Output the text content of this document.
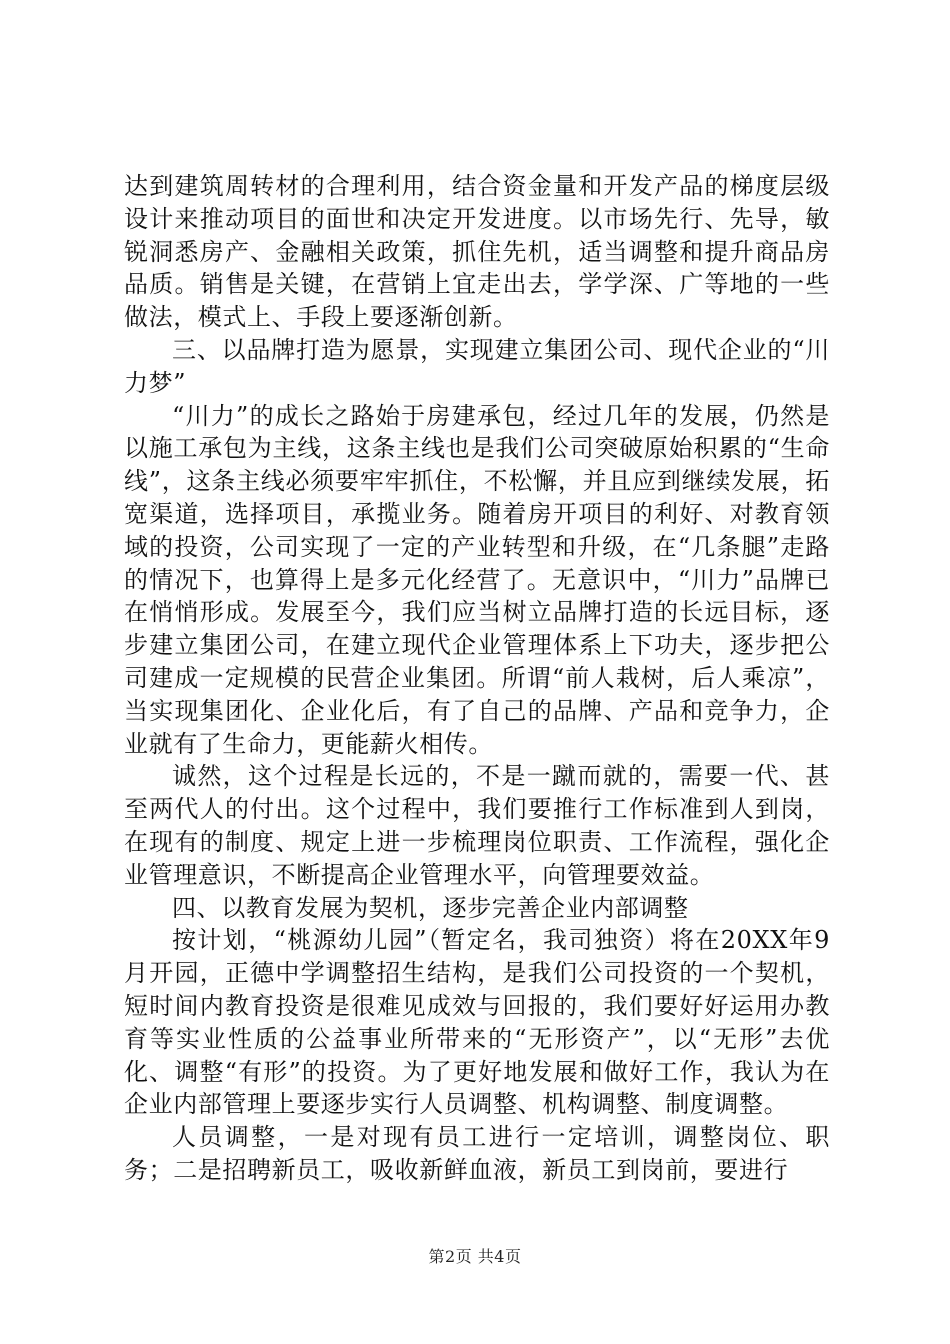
达到建筑周转材的合理利用，结合资金量和开发产品的梯度层级设计来推动项目的面世和决定开发进度。以市场先行、先导，敏锐洞悉房产、金融相关政策，抓住先机，适当调整和提升商品房品质。销售是关键，在营销上宜走出去，学学深、广等地的一些做法，模式上、手段上要逐渐创新。

三、以品牌打造为愿景，实现建立集团公司、现代企业的“川力梦”

“川力”的成长之路始于房建承包，经过几年的发展，仍然是以施工承包为主线，这条主线也是我们公司突破原始积累的“生命线”，这条主线必须要牢牢抓住，不松懈，并且应到继续发展，拓宽渠道，选择项目，承揽业务。随着房开项目的利好、对教育领域的投资，公司实现了一定的产业转型和升级，在“几条腿”走路的情况下，也算得上是多元化经营了。无意识中，“川力”品牌已在悄悄形成。发展至今，我们应当树立品牌打造的长远目标，逐步建立集团公司，在建立现代企业管理体系上下功夫，逐步把公司建成一定规模的民营企业集团。所谓“前人栽树，后人乘凉”，当实现集团化、企业化后，有了自己的品牌、产品和竞争力，企业就有了生命力，更能薪火相传。

诚然，这个过程是长远的，不是一蹴而就的，需要一代、甚至两代人的付出。这个过程中，我们要推行工作标准到人到岗，在现有的制度、规定上进一步梳理岗位职责、工作流程，强化企业管理意识，不断提高企业管理水平，向管理要效益。

四、以教育发展为契机，逐步完善企业内部调整

按计划，“桃源幼儿园”（暂定名，我司独资）将在20XX年9月开园，正德中学调整招生结构，是我们公司投资的一个契机，短时间内教育投资是很难见成效与回报的，我们要好好运用办教育等实业性质的公益事业所带来的“无形资产”，以“无形”去优化、调整“有形”的投资。为了更好地发展和做好工作，我认为在企业内部管理上要逐步实行人员调整、机构调整、制度调整。

人员调整，一是对现有员工进行一定培训，调整岗位、职务；二是招聘新员工，吸收新鲜血液，新员工到岗前，要进行

第2页 共4页
